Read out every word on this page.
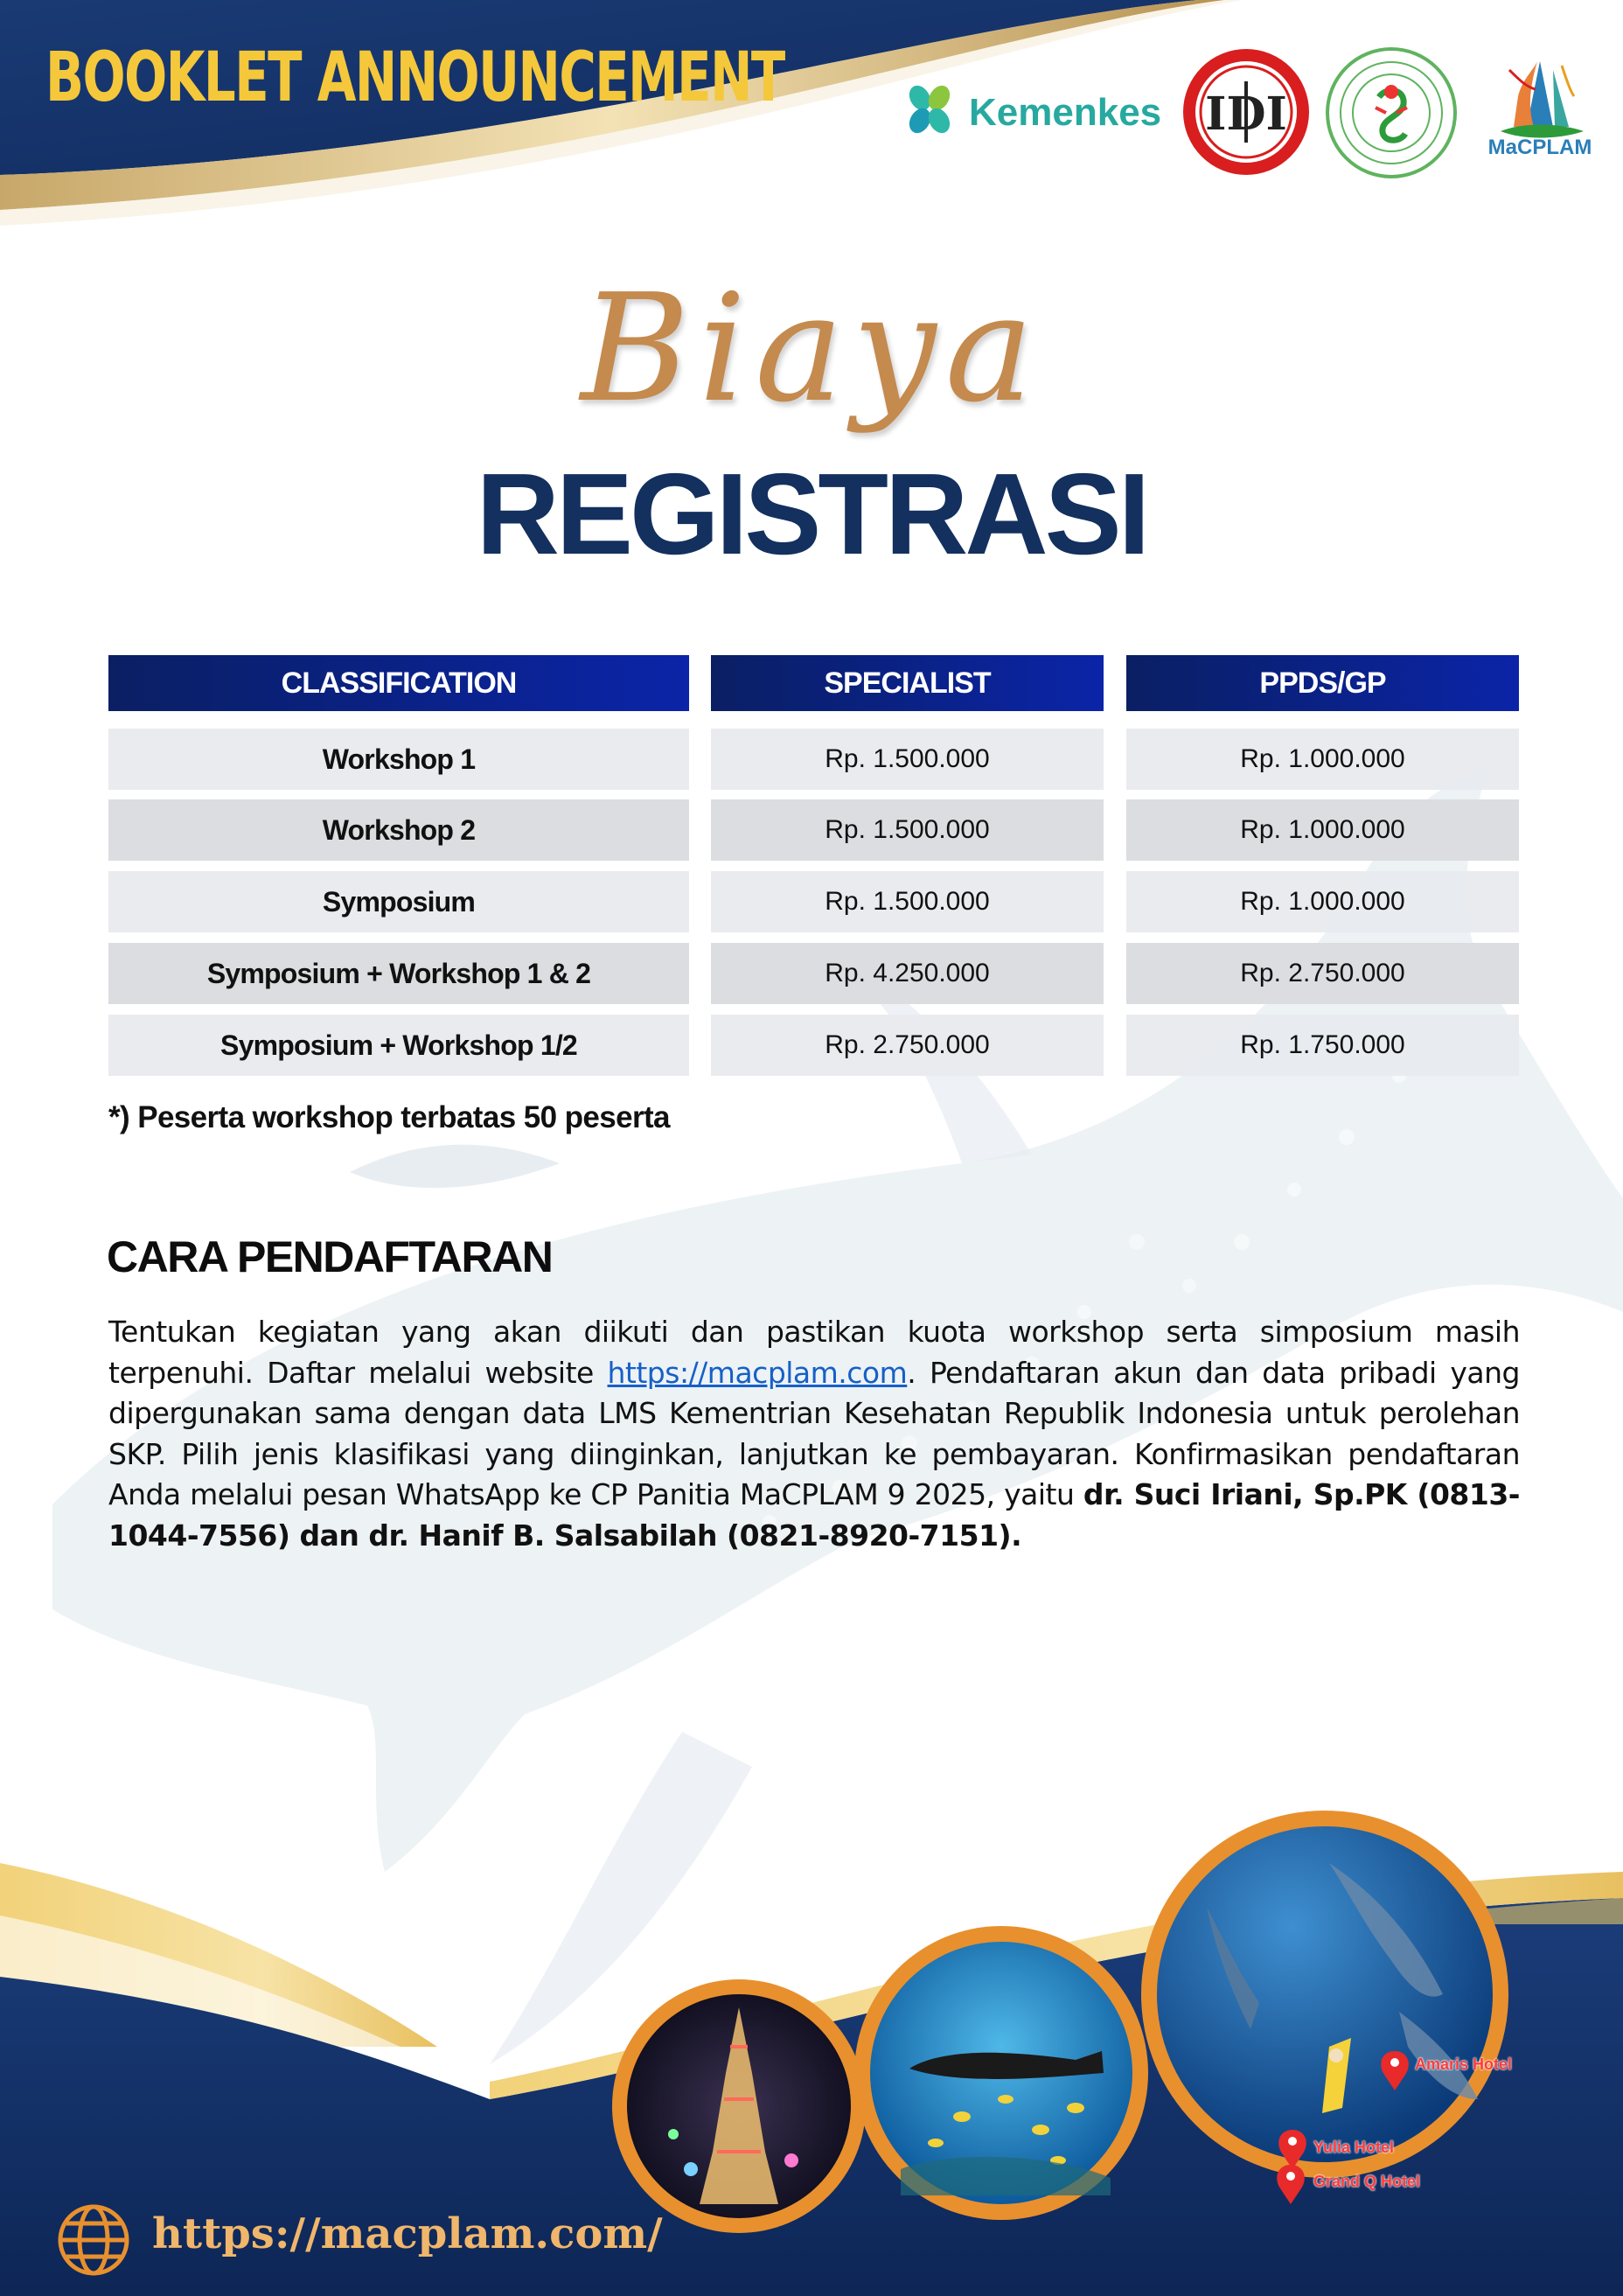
BOOKLET ANNOUNCEMENT	Kemenkes IDI
MaCPLAM
Biaya
REGISTRASI
CLASSIFICATION	SPECIALIST	PPDS/GP
Workshop 1	Rp. 1.500.000	Rp. 1.000.000
Workshop 2	Rp. 1.500.000	Rp. 1.000.000
Symposium	Rp. 1.500.000	Rp. 1.000.000
Symposium + Workshop 1 & 2	Rp. 4.250.000	Rp. 2.750.000
Symposium + Workshop 1/2	Rp. 2.750.000	Rp. 1.750.000
*) Peserta workshop terbatas 50 peserta
CARA PENDAFTARAN
Tentukan kegiatan yang akan diikuti dan pastikan kuota workshop serta simposium masih terpenuhi. Daftar melalui website https://macplam.com. Pendaftaran akun dan data pribadi yang dipergunakan sama dengan data LMS Kementrian Kesehatan Republik Indonesia untuk perolehan SKP. Pilih jenis klasifikasi yang diinginkan, lanjutkan ke pembayaran. Konfirmasikan pendaftaran Anda melalui pesan WhatsApp ke CP Panitia MaCPLAM 9 2025, yaitu dr. Suci Iriani, Sp.PK (0813-1044-7556) dan dr. Hanif B. Salsabilah (0821-8920-7151).
Amaris Hotel
Yulia Hotel
Grand Q Hotel
https://macplam.com/
